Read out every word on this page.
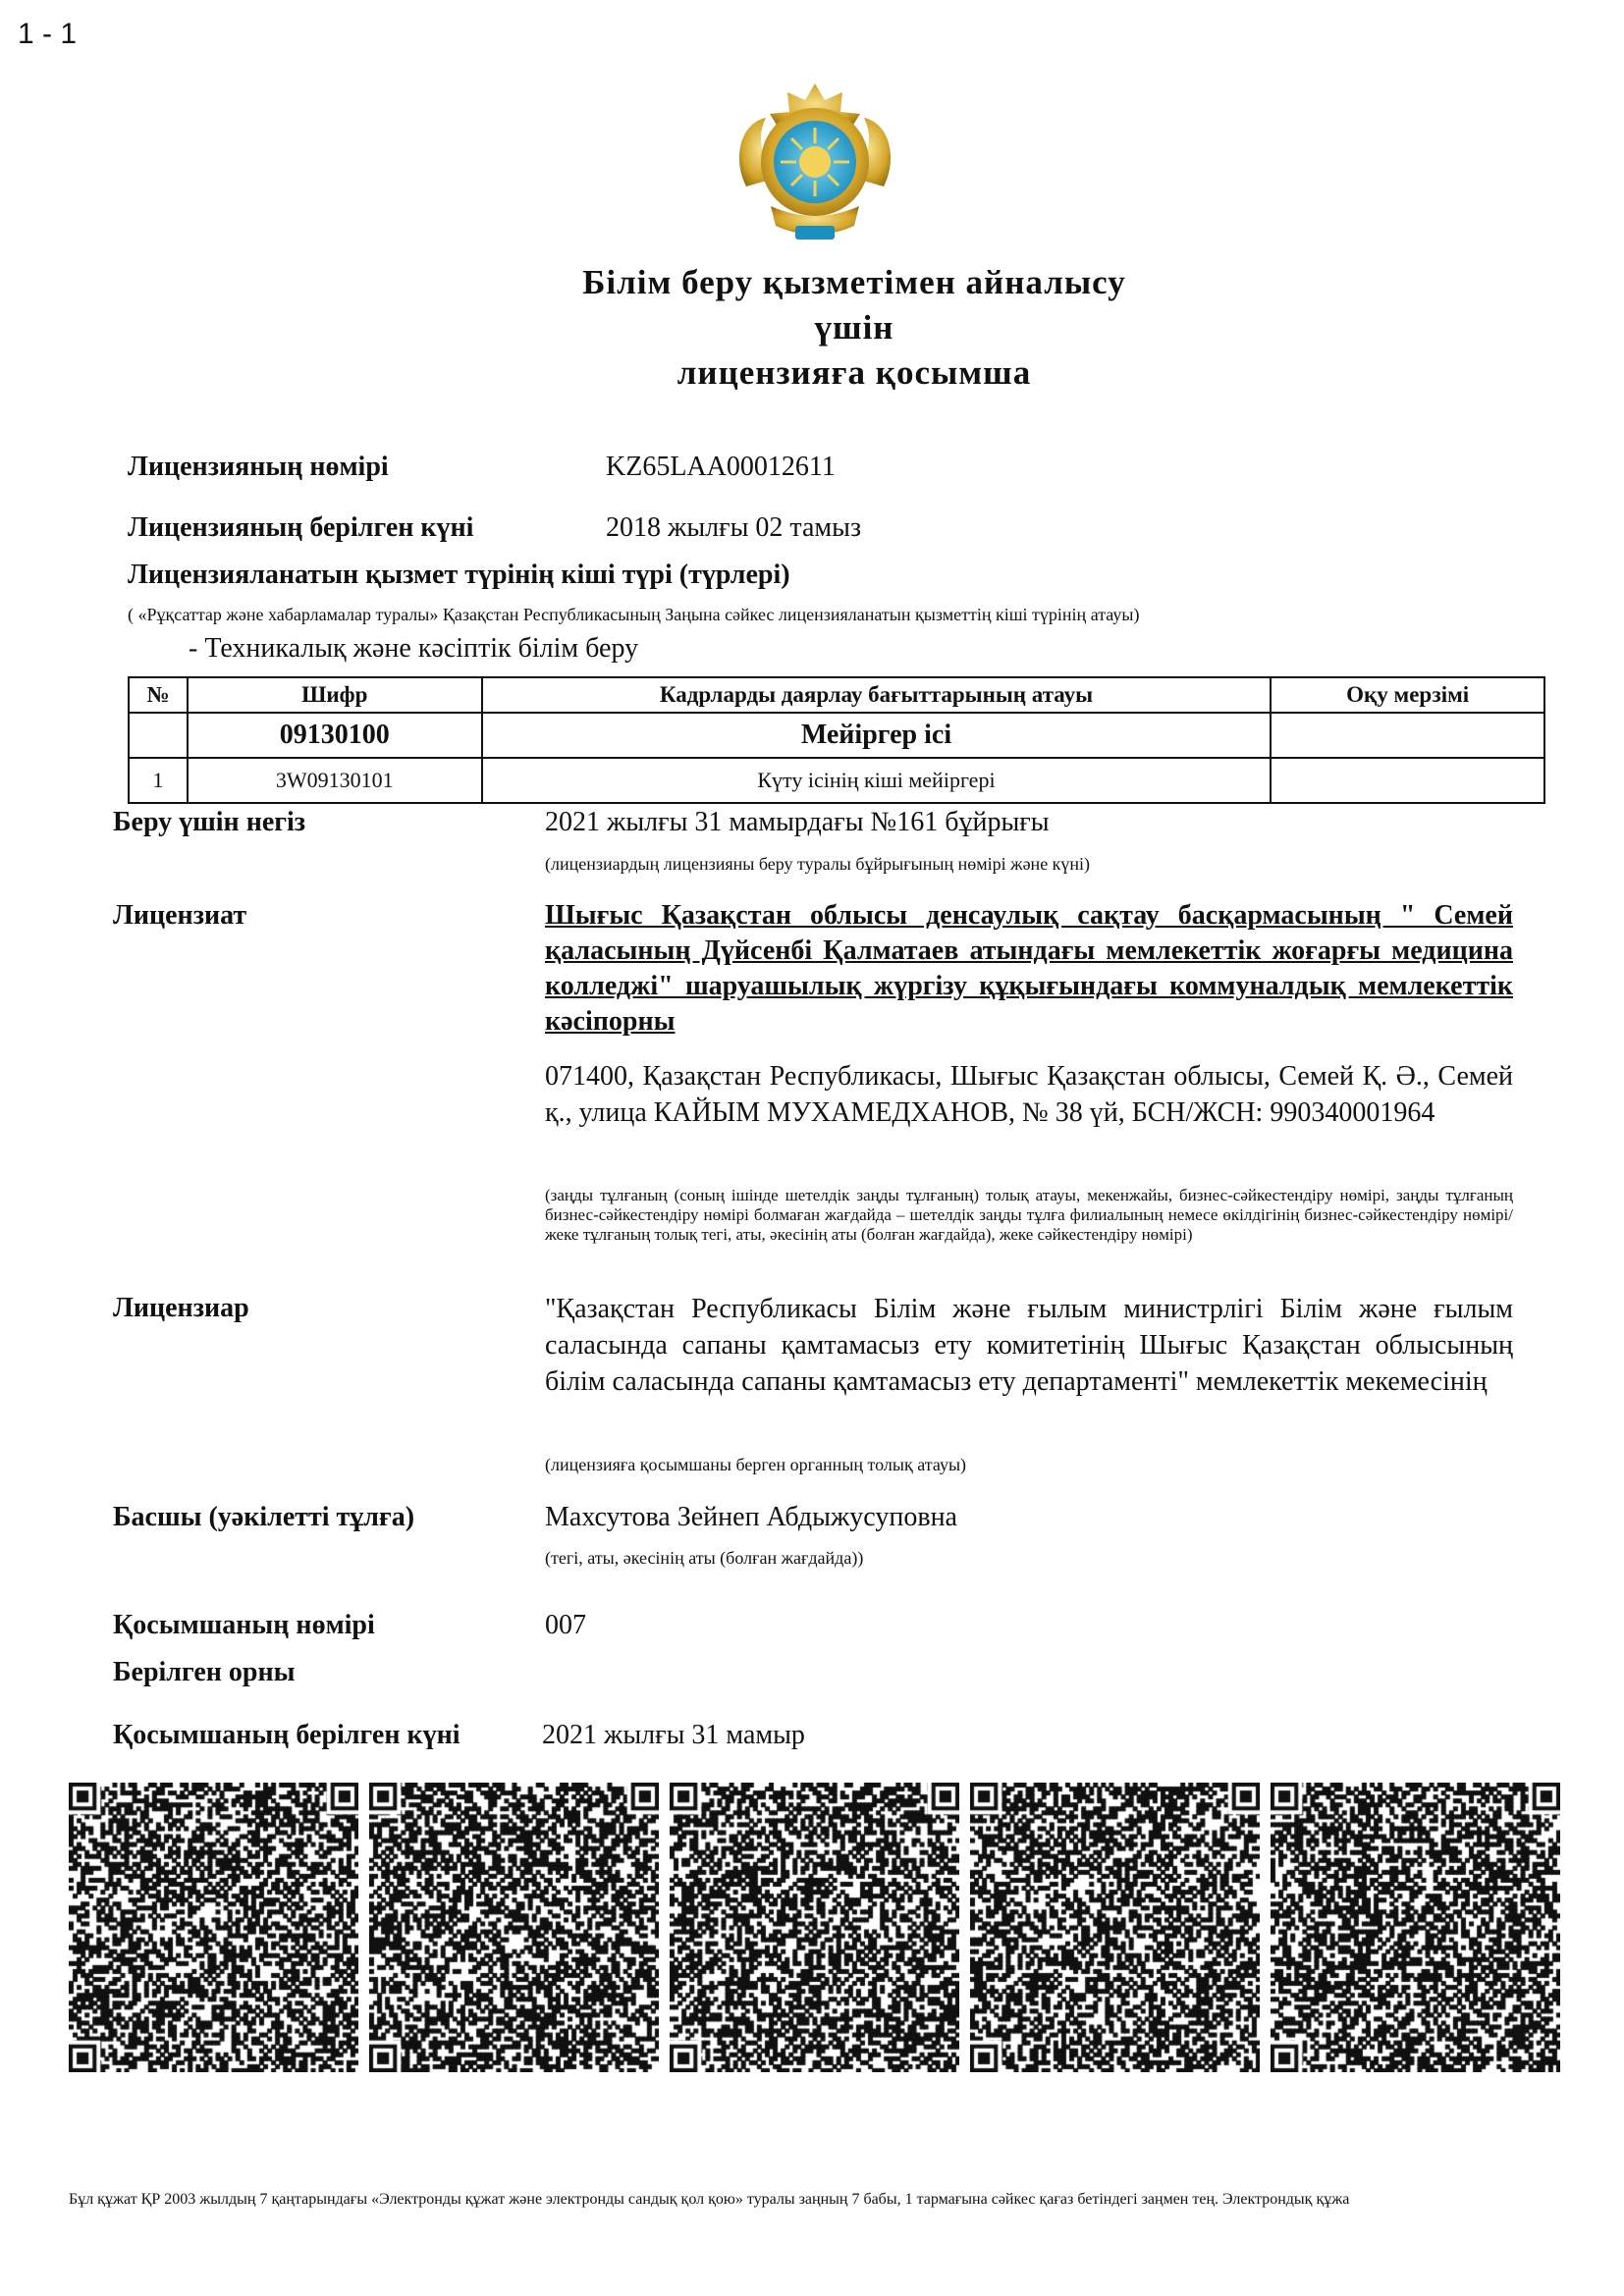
1 - 1
Білім беру қызметімен айналысу
үшін
лицензияға қосымша
Лицензияның нөмірі	KZ65LAA00012611
Лицензияның берілген күні	2018 жылғы 02 тамыз
Лицензияланатын қызмет түрінің кіші түрі (түрлері)
( «Рұқсаттар және хабарламалар туралы» Қазақстан Республикасының Заңына сәйкес лицензияланатын қызметтің кіші түрінің атауы)
- Техникалық және кәсіптік білім беру
№	Шифр	Кадрларды даярлау бағыттарының атауы	Оқу мерзімі
	09130100	Мейіргер ісі	
1	3W09130101	Күту ісінің кіші мейіргері	
Беру үшін негіз	2021 жылғы 31 мамырдағы №161 бұйрығы
(лицензиардың лицензияны беру туралы бұйрығының нөмірі және күні)
Лицензиат	Шығыс Қазақстан облысы денсаулық сақтау басқармасының " Семей қаласының Дүйсенбі Қалматаев атындағы мемлекеттік жоғарғы медицина колледжі" шаруашылық жүргізу құқығындағы коммуналдық мемлекеттік кәсіпорны
071400, Қазақстан Республикасы, Шығыс Қазақстан облысы, Семей Қ. Ә., Семей қ., улица КАЙЫМ МУХАМЕДХАНОВ, № 38 үй, БСН/ЖСН: 990340001964
(заңды тұлғаның (соның ішінде шетелдік заңды тұлғаның) толық атауы, мекенжайы, бизнес-сәйкестендіру нөмірі, заңды тұлғаның бизнес-сәйкестендіру нөмірі болмаған жағдайда – шетелдік заңды тұлға филиалының немесе өкілдігінің бизнес-сәйкестендіру нөмірі/жеке тұлғаның толық тегі, аты, әкесінің аты (болған жағдайда), жеке сәйкестендіру нөмірі)
Лицензиар	"Қазақстан Республикасы Білім және ғылым министрлігі Білім және ғылым саласында сапаны қамтамасыз ету комитетінің Шығыс Қазақстан облысының білім саласында сапаны қамтамасыз ету департаменті" мемлекеттік мекемесінің
(лицензияға қосымшаны берген органның толық атауы)
Басшы (уәкілетті тұлға)	Махсутова Зейнеп Абдыжусуповна
(тегі, аты, әкесінің аты (болған жағдайда))
Қосымшаның нөмірі	007
Берілген орны
Қосымшаның берілген күні	2021 жылғы 31 мамыр
Бұл құжат ҚР 2003 жылдың 7 қаңтарындағы «Электронды құжат және электронды сандық қол қою» туралы заңның 7 бабы, 1 тармағына сәйкес қағаз бетіндегі заңмен тең. Электрондық құжа
